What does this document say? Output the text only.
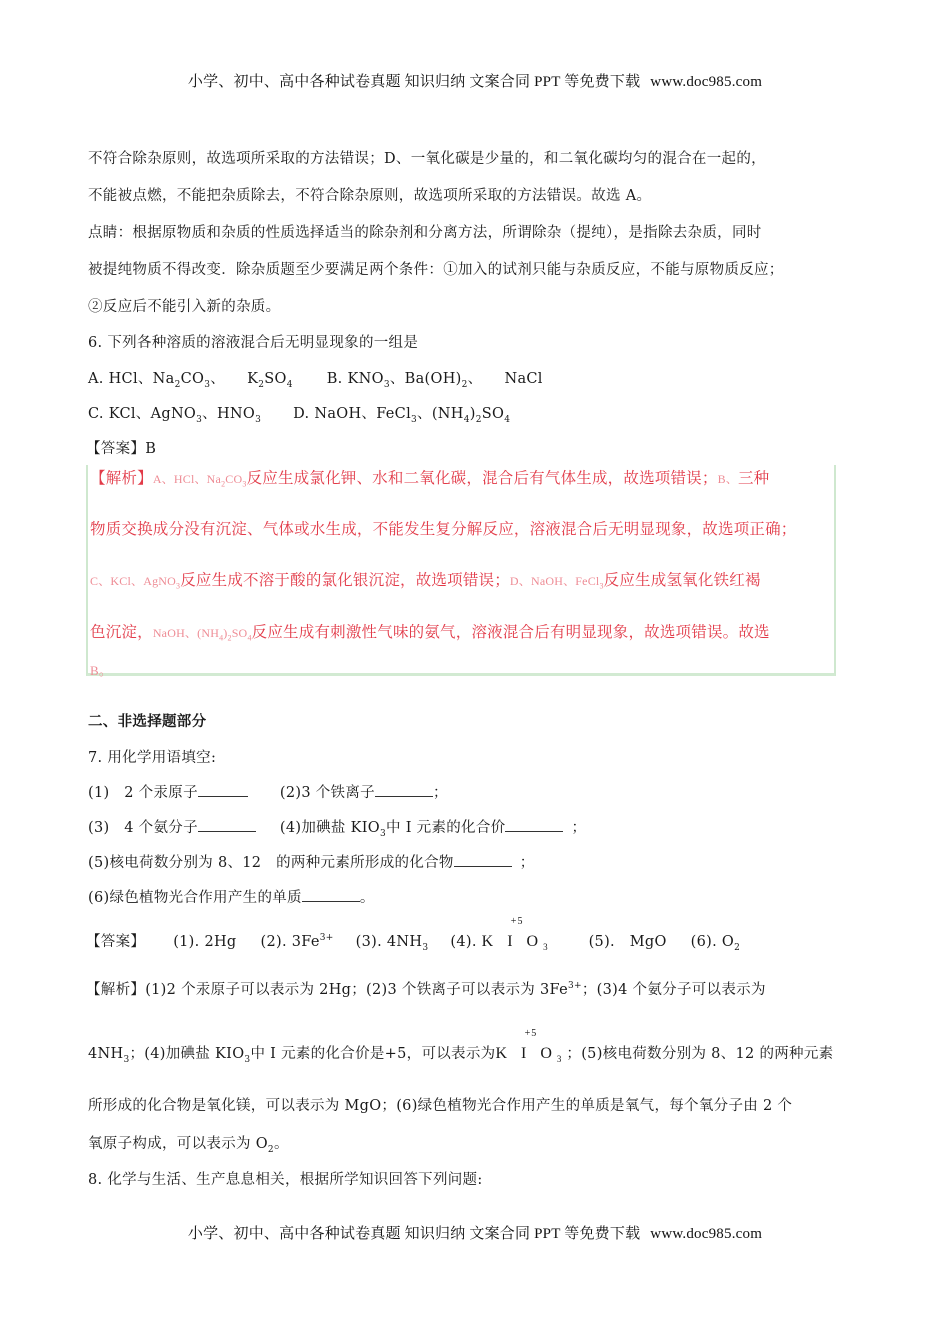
小学、初中、高中各种试卷真题 知识归纳 文案合同 PPT 等免费下载 www.doc985.com
不符合除杂原则，故选项所采取的方法错误；D、一氧化碳是少量的，和二氧化碳均匀的混合在一起的，
不能被点燃，不能把杂质除去，不符合除杂原则，故选项所采取的方法错误。故选 A。
点睛：根据原物质和杂质的性质选择适当的除杂剂和分离方法，所谓除杂（提纯），是指除去杂质，同时
被提纯物质不得改变．除杂质题至少要满足两个条件：①加入的试剂只能与杂质反应，不能与原物质反应；
②反应后不能引入新的杂质。
6. 下列各种溶质的溶液混合后无明显现象的一组是
A. HCl、$Na_2CO_3$、 $K_2SO_4$ B. $KNO_3$、$Ba(OH)_2$、 NaCl
C. KCl、AgNO$_3$、$HNO_3$ D. NaOH、FeCl$_3$、$(NH_4)_2SO_4$
【答案】B
【解析】A、HCl、$Na_2CO_3$反应生成氯化钾、水和二氧化碳，混合后有气体生成，故选项错误；B、三种
物质交换成分没有沉淀、气体或水生成，不能发生复分解反应，溶液混合后无明显现象，故选项正确；
C、KCl、AgNO$_3$反应生成不溶于酸的氯化银沉淀，故选项错误；D、NaOH、FeCl$_3$反应生成氢氧化铁红褐
色沉淀，NaOH、$(NH_4)_2SO_4$反应生成有刺激性气味的氨气，溶液混合后有明显现象，故选项错误。故选
B。
二、非选择题部分
7. 用化学用语填空:
(1)　2 个汞原子	(2)3 个铁离子	；
(3)　4 个氨分子	(4)加碘盐 $KIO_3$中 I 元素的化合价	；
(5)核电荷数分别为 8、12　的两种元素所形成的化合物	；
(6)绿色植物光合作用产生的单质	。
【答案】 (1). 2Hg (2). $3Fe^{3+}$ (3). $4NH_3$ (4).
+5
K I $O_3$ (5).　MgO (6). $O_2$
【解析】(1)2 个汞原子可以表示为 2Hg；(2)3 个铁离子可以表示为 $3Fe^{3+}$；(3)4 个氨分子可以表示为
$4NH_3$；(4)加碘盐 $KIO_3$中 I 元素的化合价是+5，可以表示为
+5
K I $O_3$；(5)核电荷数分别为 8、12 的两种元素
所形成的化合物是氧化镁，可以表示为 MgO；(6)绿色植物光合作用产生的单质是氧气，每个氧分子由 2 个
氧原子构成，可以表示为 $O_2$。
8. 化学与生活、生产息息相关，根据所学知识回答下列问题:
小学、初中、高中各种试卷真题 知识归纳 文案合同 PPT 等免费下载 www.doc985.com
